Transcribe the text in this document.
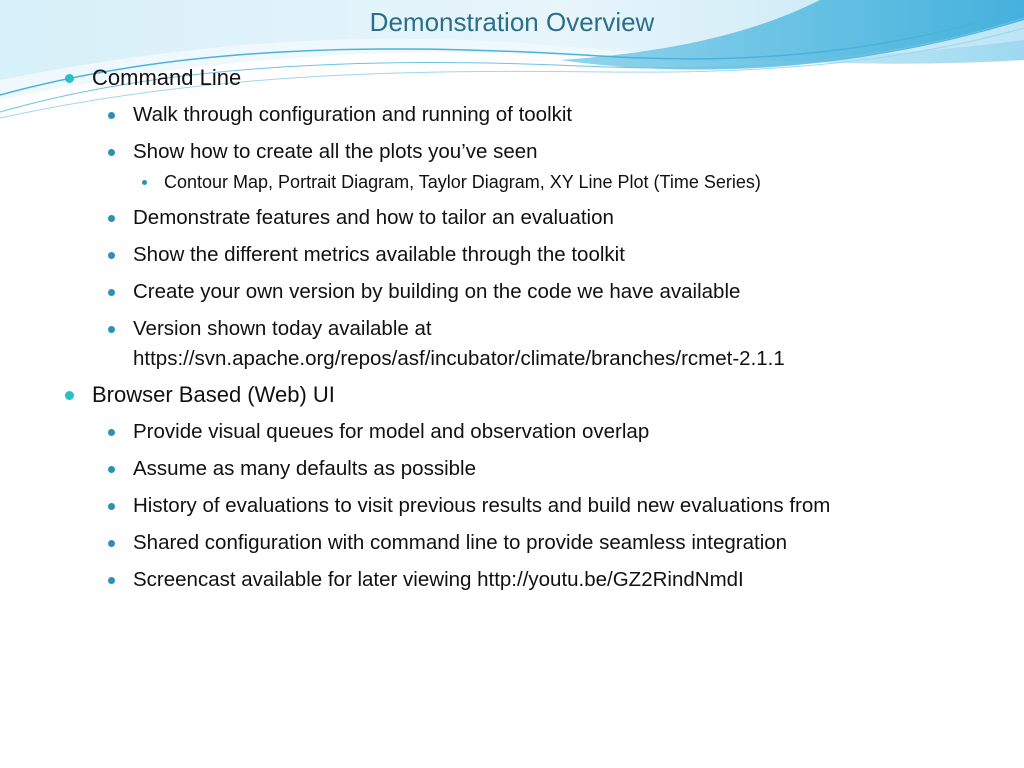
Demonstration Overview
Command Line
Walk through configuration and running of toolkit
Show how to create all the plots you’ve seen
Contour Map, Portrait Diagram, Taylor Diagram, XY Line Plot (Time Series)
Demonstrate features and how to tailor an evaluation
Show the different metrics available through the toolkit
Create your own version by building on the code we have available
Version shown today available at
https://svn.apache.org/repos/asf/incubator/climate/branches/rcmet-2.1.1
Browser Based (Web) UI
Provide visual queues for model and observation overlap
Assume as many defaults as possible
History of evaluations to visit previous results and build new evaluations from
Shared configuration with command line to provide seamless integration
Screencast available for later viewing http://youtu.be/GZ2RindNmdI
